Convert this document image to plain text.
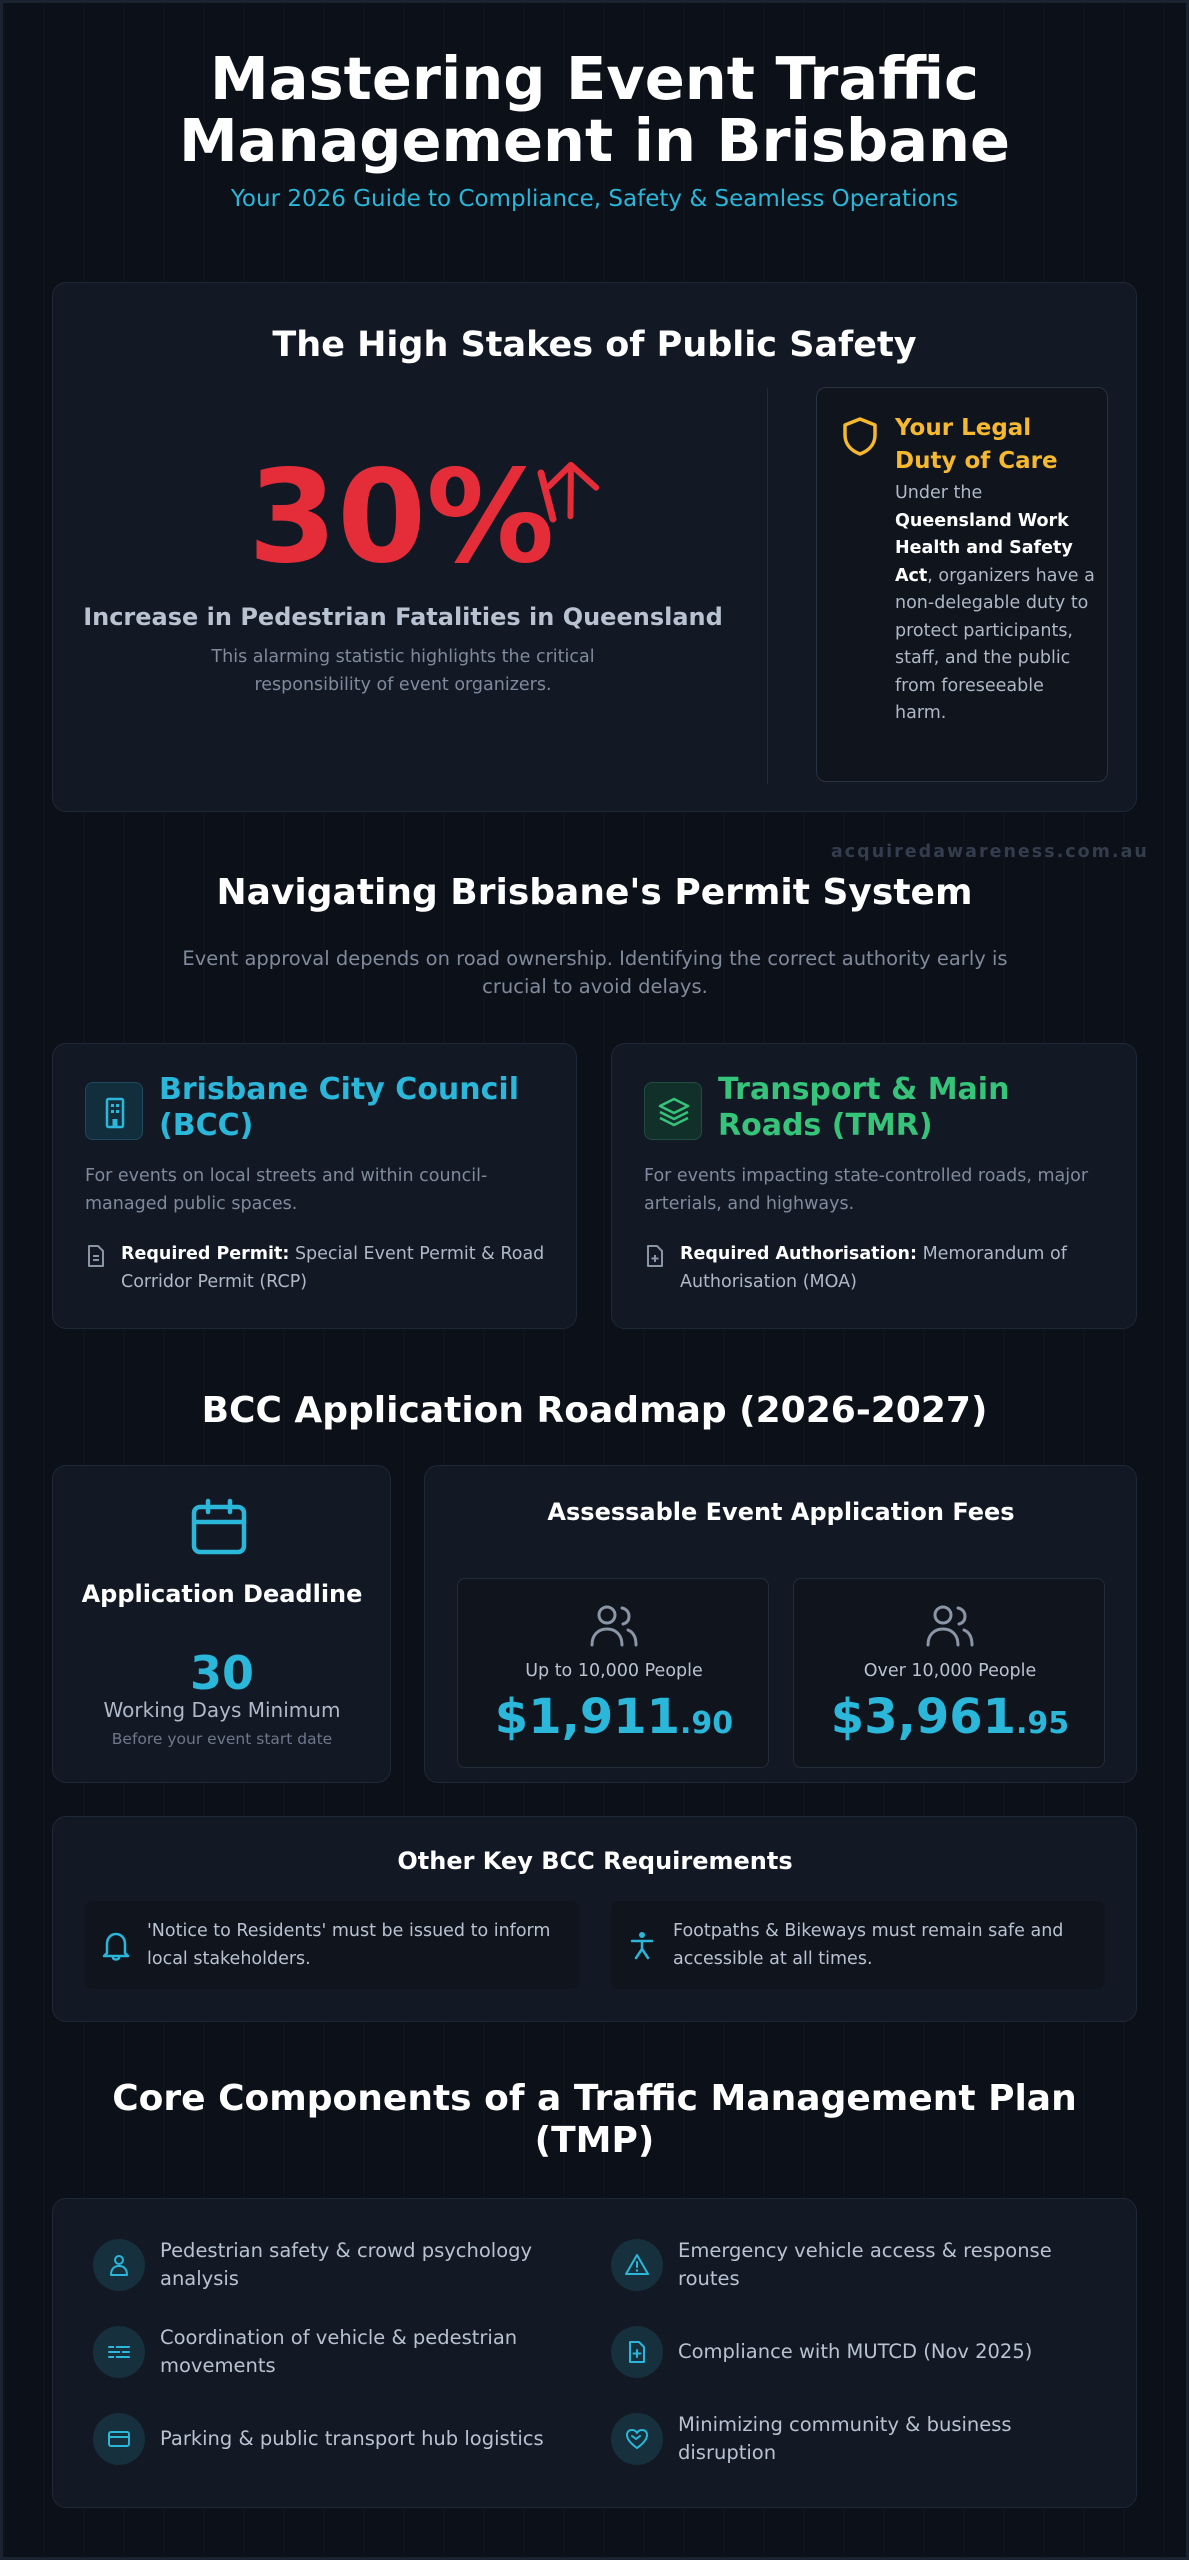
Mastering Event Traffic
Management in Brisbane
Your 2026 Guide to Compliance, Safety & Seamless Operations
The High Stakes of Public Safety
30%
Increase in Pedestrian Fatalities in Queensland
This alarming statistic highlights the critical responsibility of event organizers.
Your Legal Duty of Care
Under the Queensland Work Health and Safety Act, organizers have a non-delegable duty to protect participants, staff, and the public from foreseeable harm.
acquiredawareness.com.au
Navigating Brisbane's Permit System
Event approval depends on road ownership. Identifying the correct authority early is crucial to avoid delays.
Brisbane City Council (BCC)
For events on local streets and within council-managed public spaces.
Required Permit: Special Event Permit & Road Corridor Permit (RCP)
Transport & Main Roads (TMR)
For events impacting state-controlled roads, major arterials, and highways.
Required Authorisation: Memorandum of Authorisation (MOA)
BCC Application Roadmap (2026-2027)
Application Deadline
30
Working Days Minimum
Before your event start date
Assessable Event Application Fees
Up to 10,000 People
$1,911.90
Over 10,000 People
$3,961.95
Other Key BCC Requirements
'Notice to Residents' must be issued to inform local stakeholders.
Footpaths & Bikeways must remain safe and accessible at all times.
Core Components of a Traffic Management Plan (TMP)
Pedestrian safety & crowd psychology analysis
Emergency vehicle access & response routes
Coordination of vehicle & pedestrian movements
Compliance with MUTCD (Nov 2025)
Parking & public transport hub logistics
Minimizing community & business disruption
